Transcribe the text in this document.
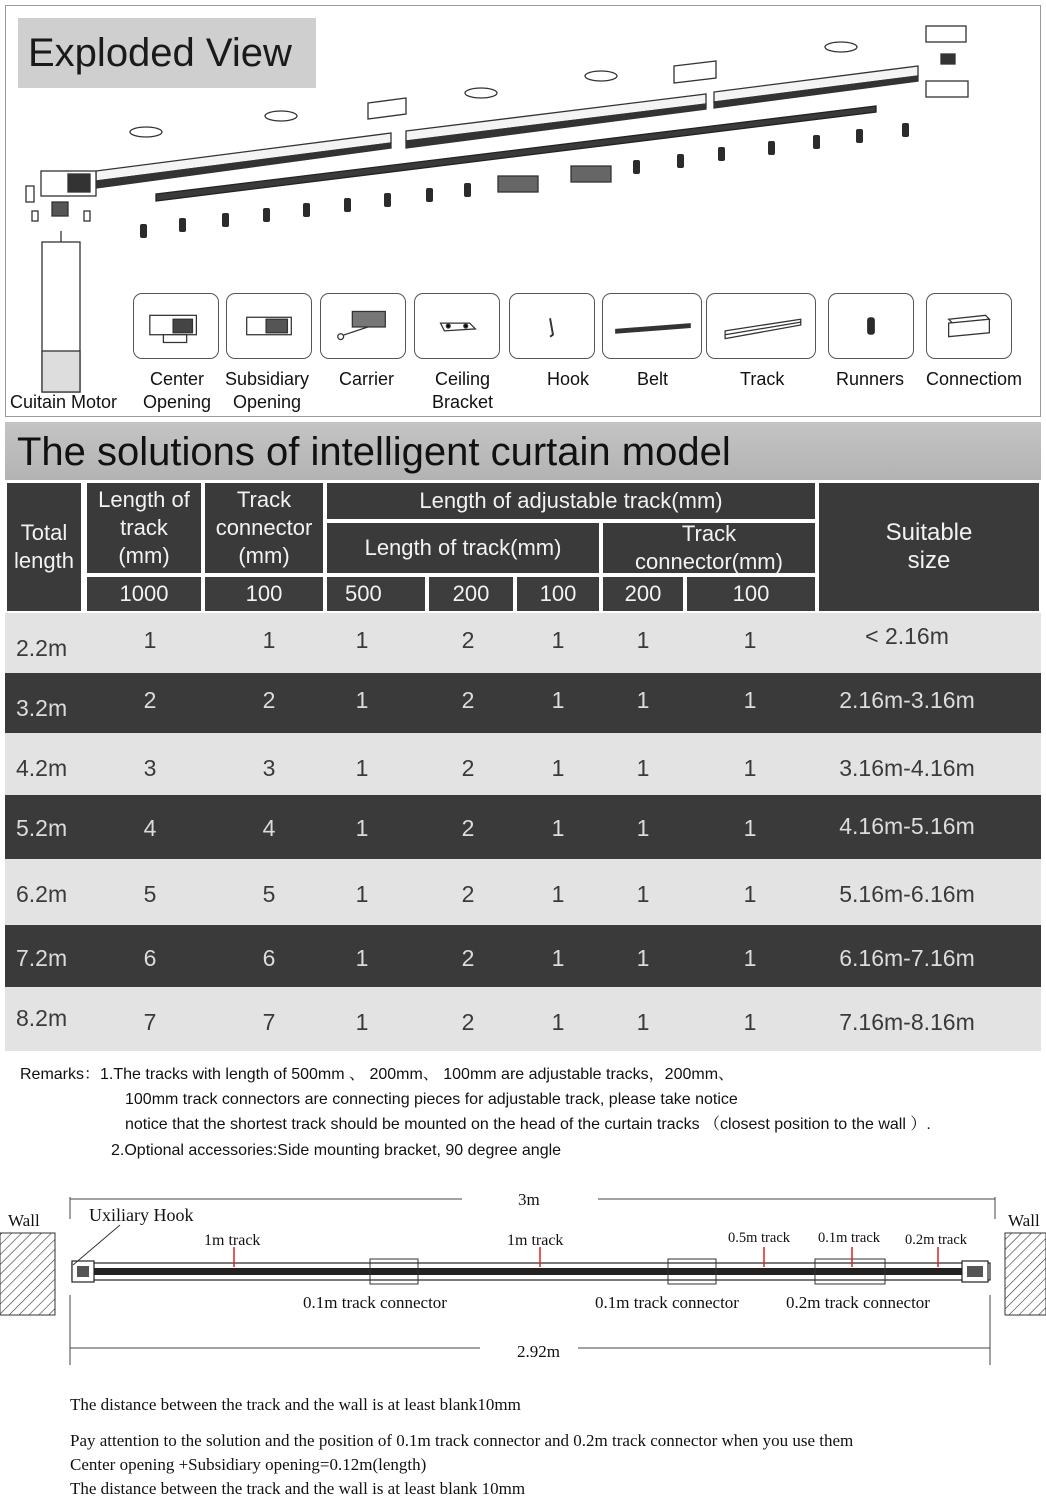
Exploded View
Cuitain Motor
Center
Opening
Subsidiary
Opening
Carrier Ceiling
Bracket
Hook	Belt	Track	Runners Connectiom
The solutions of intelligent curtain model
Total
length
Length of
track
(mm)
Track
connector
(mm)
Length of adjustable track(mm)
Length of track(mm)
Track
connector(mm)
Suitable
size
1000	100	500	200	100	200	100
2.2m	1	1	1	2	1	1	1	< 2.16m
3.2m	2	2	1	2	1	1	1	2.16m-3.16m
4.2m	3	3	1	2	1	1	1	3.16m-4.16m
5.2m	4	4	1	2	1	1	1	4.16m-5.16m
6.2m	5	5	1	2	1	1	1	5.16m-6.16m
7.2m	6	6	1	2	1	1	1	6.16m-7.16m
8.2m	7	7	1	2	1	1	1	7.16m-8.16m
Remarks：1.The tracks with length of 500mm 、 200mm、 100mm are adjustable tracks，200mm、
100mm track connectors are connecting pieces for adjustable track, please take notice
notice that the shortest track should be mounted on the head of the curtain tracks （closest position to the wall ）.
2.Optional accessories:Side mounting bracket, 90 degree angle
Wall	Wall
3m
2.92m
Uxiliary Hook
1m track	1m track	0.5m track 0.1m track 0.2m track
0.1m track connector	0.1m track connector	0.2m track connector
The distance between the track and the wall is at least blank10mm
Pay attention to the solution and the position of 0.1m track connector and 0.2m track connector when you use them
Center opening +Subsidiary opening=0.12m(length)
The distance between the track and the wall is at least blank 10mm
